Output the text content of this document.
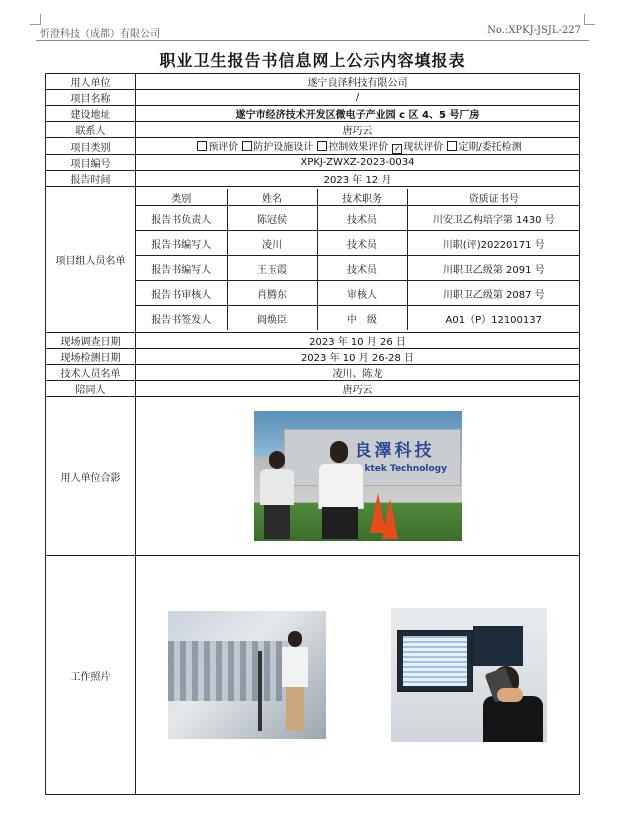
忻澄科技（成都）有限公司	No.:XPKJ-JSJL-227
职业卫生报告书信息网上公示内容填报表
用人单位	遂宁良泽科技有限公司
项目名称	/
建设地址	遂宁市经济技术开发区微电子产业园 c 区 4、5 号厂房
联系人	唐巧云
项目类别	预评价 防护设施设计 控制效果评价 ✓ 现状评价 定期/委托检测
项目编号	XPKJ-ZWXZ-2023-0034
报告时间	2023 年 12 月
项目组人员名单	
类别	姓名	技术职务	资质证书号
报告书负责人	陈冠侯	技术员	川安卫乙构培字第 1430 号
报告书编写人	凌川	技术员	川职(评)20220171 号
报告书编写人	王玉霞	技术员	川职卫乙级第 2091 号
报告书审核人	肖腾东	审核人	川职卫乙级第 2087 号
报告书签发人	阎焕臣	中　级	A01（P）12100137

现场调查日期	2023 年 10 月 26 日
现场检测日期	2023 年 10 月 26-28 日
技术人员名单	凌川、陈龙
陪同人	唐巧云
用人单位合影	
良澤科技
ktek Technology

工作照片	
